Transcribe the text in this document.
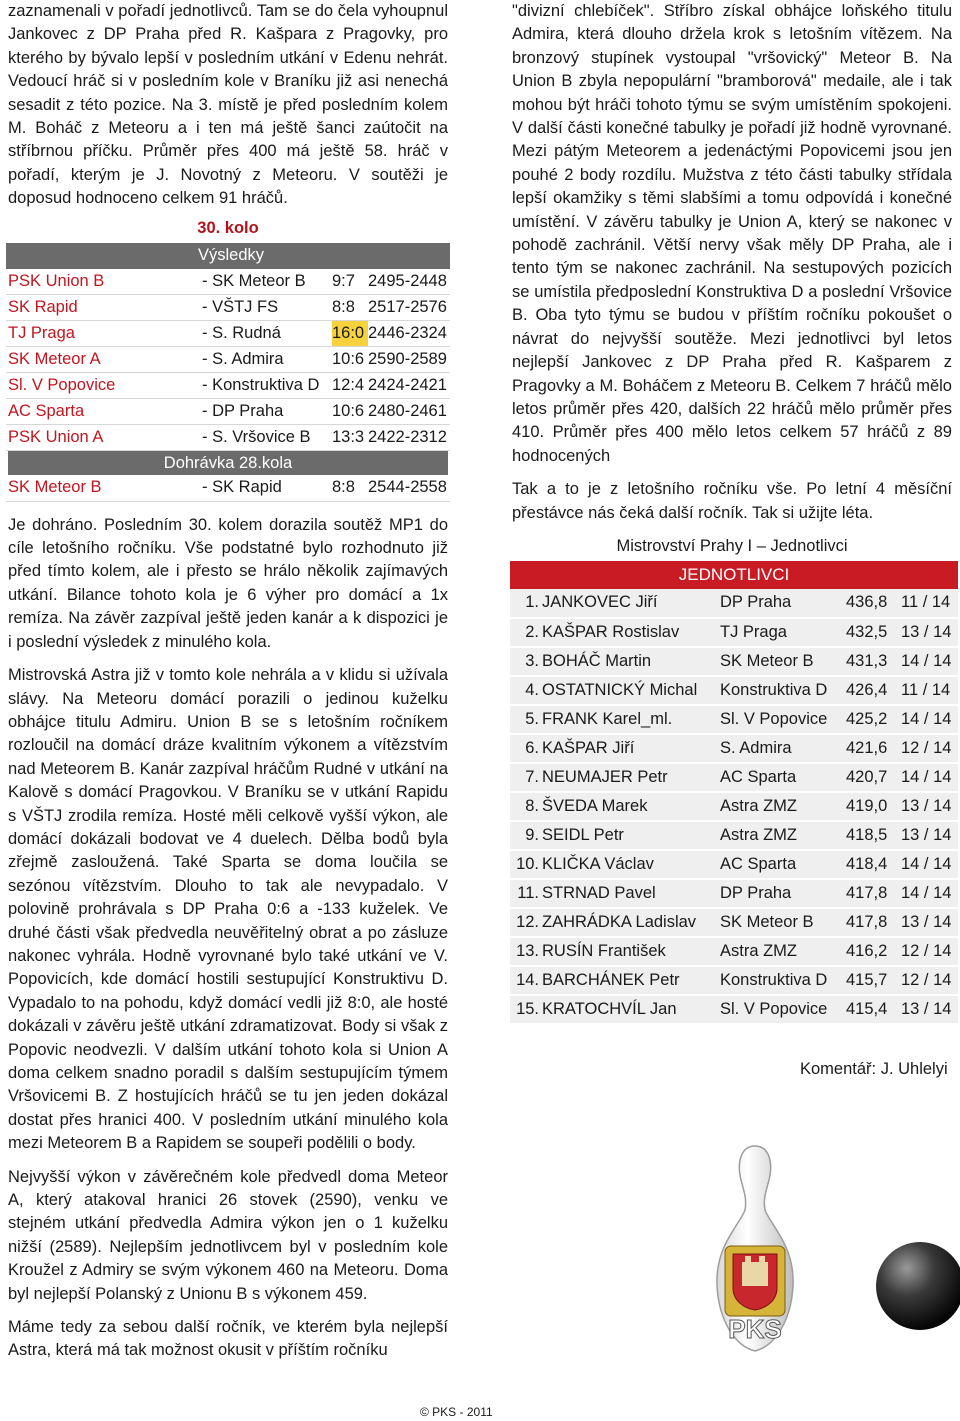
zaznamenali v pořadí jednotlivců. Tam se do čela vyhoupnul Jankovec z DP Praha před R. Kašpara z Pragovky, pro kterého by bývalo lepší v posledním utkání v Edenu nehrát. Vedoucí hráč si v posledním kole v Braníku již asi nenechá sesadit z této pozice. Na 3. místě je před posledním kolem M. Boháč z Meteoru a i ten má ještě šanci zaútočit na stříbrnou příčku. Průměr přes 400 má ještě 58. hráč v pořadí, kterým je J. Novotný z Meteoru. V soutěži je doposud hodnoceno celkem 91 hráčů.

30. kolo
Výsledky			
PSK Union B	- SK Meteor B	9:7	2495-2448
SK Rapid	- VŠTJ FS	8:8	2517-2576
TJ Praga	- S. Rudná	16:0	2446-2324
SK Meteor A	- S. Admira	10:6	2590-2589
Sl. V Popovice	- Konstruktiva D	12:4	2424-2421
AC Sparta	- DP Praha	10:6	2480-2461
PSK Union A	- S. Vršovice B	13:3	2422-2312
Dohrávka 28.kola
SK Meteor B	- SK Rapid	8:8	2544-2558

Je dohráno. Posledním 30. kolem dorazila soutěž MP1 do cíle letošního ročníku. Vše podstatné bylo rozhodnuto již před tímto kolem, ale i přesto se hrálo několik zajímavých utkání. Bilance tohoto kola je 6 výher pro domácí a 1x remíza. Na závěr zazpíval ještě jeden kanár a k dispozici je i poslední výsledek z minulého kola.

Mistrovská Astra již v tomto kole nehrála a v klidu si užívala slávy. Na Meteoru domácí porazili o jedinou kuželku obhájce titulu Admiru. Union B se s letošním ročníkem rozloučil na domácí dráze kvalitním výkonem a vítězstvím nad Meteorem B. Kanár zazpíval hráčům Rudné v utkání na Kalově s domácí Pragovkou. V Braníku se v utkání Rapidu s VŠTJ zrodila remíza. Hosté měli celkově vyšší výkon, ale domácí dokázali bodovat ve 4 duelech. Dělba bodů byla zřejmě zasloužená. Také Sparta se doma loučila se sezónou vítězstvím. Dlouho to tak ale nevypadalo. V polovině prohrávala s DP Praha 0:6 a -133 kuželek. Ve druhé části však předvedla neuvěřitelný obrat a po zásluze nakonec vyhrála. Hodně vyrovnané bylo také utkání ve V. Popovicích, kde domácí hostili sestupující Konstruktivu D. Vypadalo to na pohodu, když domácí vedli již 8:0, ale hosté dokázali v závěru ještě utkání zdramatizovat. Body si však z Popovic neodvezli. V dalším utkání tohoto kola si Union A doma celkem snadno poradil s dalším sestupujícím týmem Vršovicemi B. Z hostujících hráčů se tu jen jeden dokázal dostat přes hranici 400. V posledním utkání minulého kola mezi Meteorem B a Rapidem se soupeři podělili o body.

Nejvyšší výkon v závěrečném kole předvedl doma Meteor A, který atakoval hranici 26 stovek (2590), venku ve stejném utkání předvedla Admira výkon jen o 1 kuželku nižší (2589). Nejlepším jednotlivcem byl v posledním kole Kroužel z Admiry se svým výkonem 460 na Meteoru. Doma byl nejlepší Polanský z Unionu B s výkonem 459.

Máme tedy za sebou další ročník, ve kterém byla nejlepší Astra, která má tak možnost okusit v příštím ročníku

"divizní chlebíček". Stříbro získal obhájce loňského titulu Admira, která dlouho držela krok s letošním vítězem. Na bronzový stupínek vystoupal "vršovický" Meteor B. Na Union B zbyla nepopulární "bramborová" medaile, ale i tak mohou být hráči tohoto týmu se svým umístěním spokojeni. V další části konečné tabulky je pořadí již hodně vyrovnané. Mezi pátým Meteorem a jedenáctými Popovicemi jsou jen pouhé 2 body rozdílu. Mužstva z této části tabulky střídala lepší okamžiky s těmi slabšími a tomu odpovídá i konečné umístění. V závěru tabulky je Union A, který se nakonec v pohodě zachránil. Větší nervy však měly DP Praha, ale i tento tým se nakonec zachránil. Na sestupových pozicích se umístila předposlední Konstruktiva D a poslední Vršovice B. Oba tyto týmu se budou v příštím ročníku pokoušet o návrat do nejvyšší soutěže. Mezi jednotlivci byl letos nejlepší Jankovec z DP Praha před R. Kašparem z Pragovky a M. Boháčem z Meteoru B. Celkem 7 hráčů mělo letos průměr přes 420, dalších 22 hráčů mělo průměr přes 410. Průměr přes 400 mělo letos celkem 57 hráčů z 89 hodnocených

Tak a to je z letošního ročníku vše. Po letní 4 měsíční přestávce nás čeká další ročník. Tak si užijte léta.

Mistrovství Prahy I – Jednotlivci
JEDNOTLIVCI				
1.	JANKOVEC Jiří	DP Praha	436,8	11 / 14
2.	KAŠPAR Rostislav	TJ Praga	432,5	13 / 14
3.	BOHÁČ Martin	SK Meteor B	431,3	14 / 14
4.	OSTATNICKÝ Michal	Konstruktiva D	426,4	11 / 14
5.	FRANK Karel_ml.	Sl. V Popovice	425,2	14 / 14
6.	KAŠPAR Jiří	S. Admira	421,6	12 / 14
7.	NEUMAJER Petr	AC Sparta	420,7	14 / 14
8.	ŠVEDA Marek	Astra ZMZ	419,0	13 / 14
9.	SEIDL Petr	Astra ZMZ	418,5	13 / 14
10.	KLIČKA Václav	AC Sparta	418,4	14 / 14
11.	STRNAD Pavel	DP Praha	417,8	14 / 14
12.	ZAHRÁDKA Ladislav	SK Meteor B	417,8	13 / 14
13.	RUSÍN František	Astra ZMZ	416,2	12 / 14
14.	BARCHÁNEK Petr	Konstruktiva D	415,7	12 / 14
15.	KRATOCHVÍL Jan	Sl. V Popovice	415,4	13 / 14
Komentář: J. Uhlelyi
PKS
© PKS - 2011
